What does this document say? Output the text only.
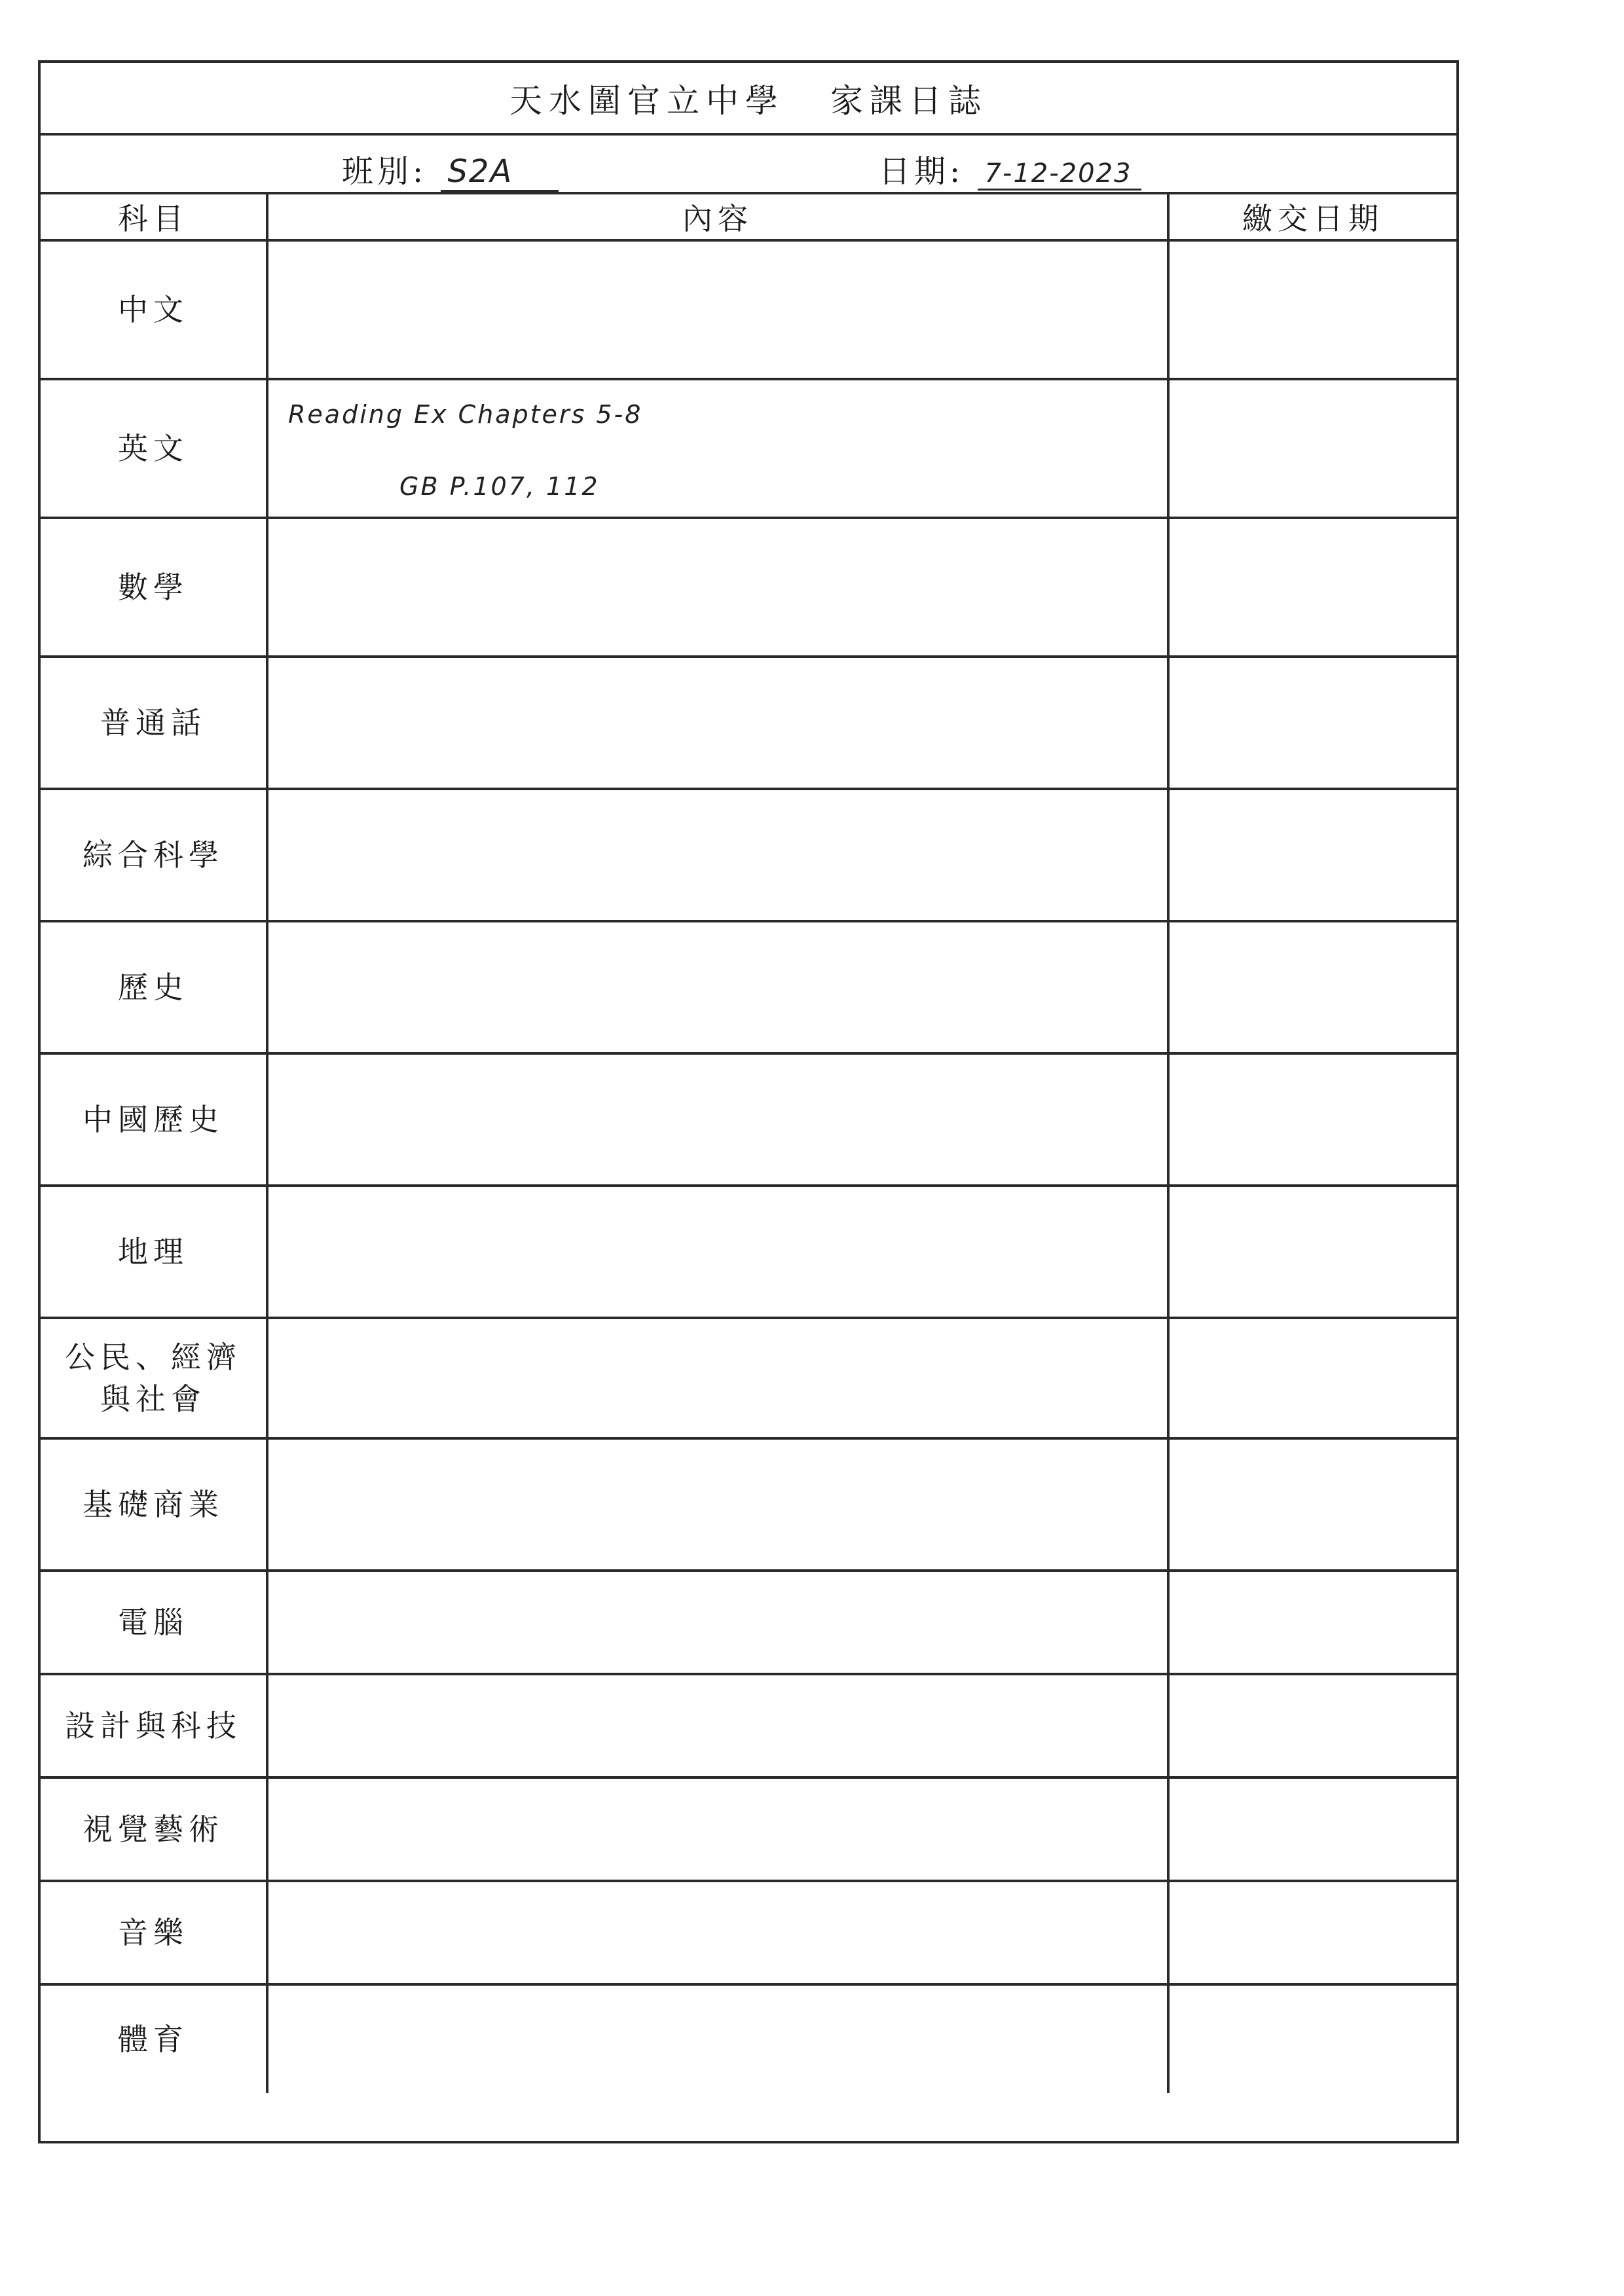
天水圍官立中學 家課日誌
班別: S2A	日期: 7-12-2023
科目	內容	繳交日期

中文		

英文	Reading Ex Chapters 5-8
GB P.107, 112	

數學		

普通話		

綜合科學		

歷史		

中國歷史		

地理		

公民、經濟
與社會		

基礎商業		

電腦		

設計與科技		

視覺藝術		

音樂		

體育		
